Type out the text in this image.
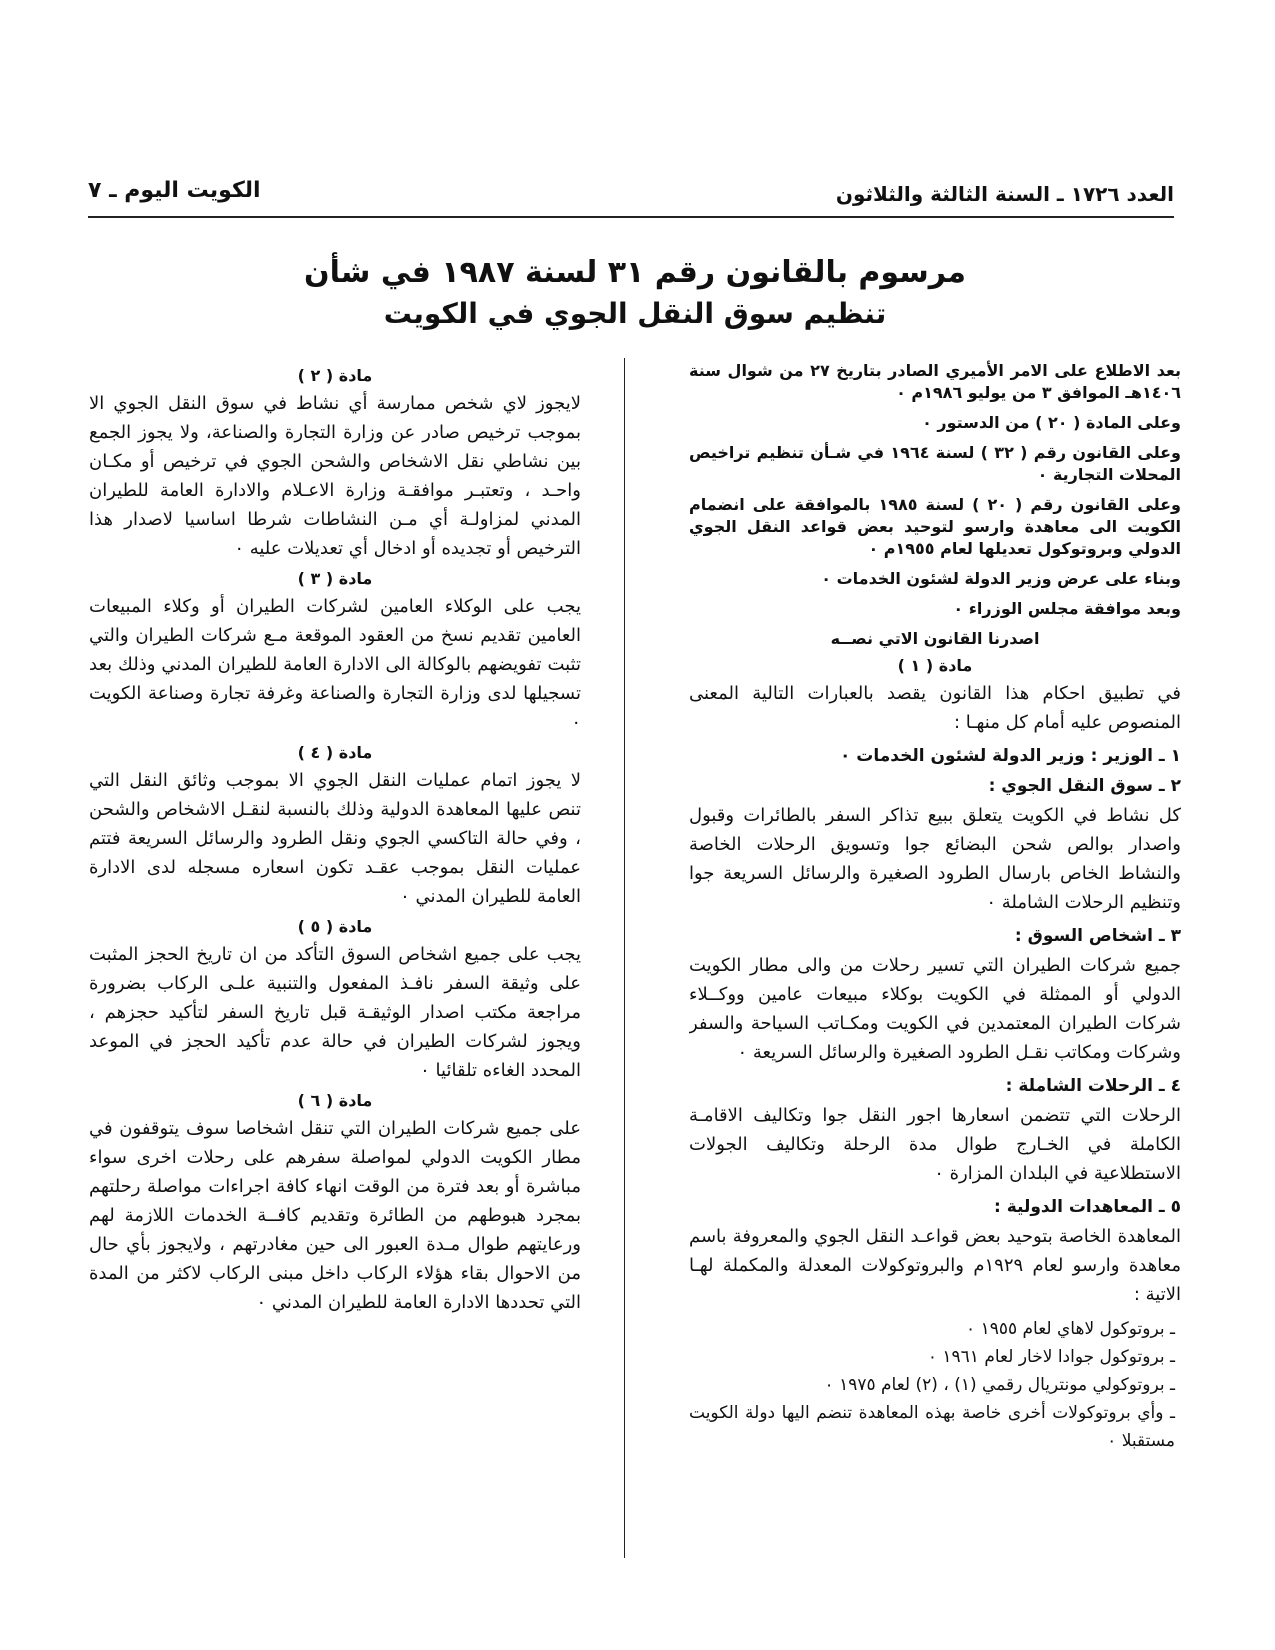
العدد ١٧٢٦ ـ السنة الثالثة والثلاثون
الكويت اليوم ـ ٧
مرسوم بالقانون رقم ٣١ لسنة ١٩٨٧ في شأن
تنظيم سوق النقل الجوي في الكويت

بعد الاطلاع على الامر الأميري الصادر بتاريخ ٢٧ من شوال سنة ١٤٠٦هـ الموافق ٣ من يوليو ١٩٨٦م ٠

وعلى المادة ( ٢٠ ) من الدستور ٠

وعلى القانون رقم ( ٣٢ ) لسنة ١٩٦٤ في شـأن تنظيم تراخيص المحلات التجارية ٠

وعلى القانون رقم ( ٢٠ ) لسنة ١٩٨٥ بالموافقة على انضمام الكويت الى معاهدة وارسو لتوحيد بعض قواعد النقل الجوي الدولي وبروتوكول تعديلها لعام ١٩٥٥م ٠

وبناء على عرض وزير الدولة لشئون الخدمات ٠

وبعد موافقة مجلس الوزراء ٠

اصدرنا القانون الاتي نصــه

مادة ( ١ )

في تطبيق احكام هذا القانون يقصد بالعبارات التالية المعنى المنصوص عليه أمام كل منهـا :

١ ـ الوزير : وزير الدولة لشئون الخدمات ٠

٢ ـ سوق النقل الجوي :

كل نشاط في الكويت يتعلق ببيع تذاكر السفر بالطائرات وقبول واصدار بوالص شحن البضائع جوا وتسويق الرحلات الخاصة والنشاط الخاص بارسال الطرود الصغيرة والرسائل السريعة جوا وتنظيم الرحلات الشاملة ٠

٣ ـ اشخاص السوق :

جميع شركات الطيران التي تسير رحلات من والى مطار الكويت الدولي أو الممثلة في الكويت بوكلاء مبيعات عامين ووكــلاء شركات الطيران المعتمدين في الكويت ومكـاتب السياحة والسفر وشركات ومكاتب نقـل الطرود الصغيرة والرسائل السريعة ٠

٤ ـ الرحلات الشاملة :

الرحلات التي تتضمن اسعارها اجور النقل جوا وتكاليف الاقامـة الكاملة في الخـارج طوال مدة الرحلة وتكاليف الجولات الاستطلاعية في البلدان المزارة ٠

٥ ـ المعاهدات الدولية :

المعاهدة الخاصة بتوحيد بعض قواعـد النقل الجوي والمعروفة باسم معاهدة وارسو لعام ١٩٢٩م والبروتوكولات المعدلة والمكملة لهـا الاتية :

ـ بروتوكول لاهاي لعام ١٩٥٥ ٠

ـ بروتوكول جوادا لاخار لعام ١٩٦١ ٠

ـ بروتوكولي مونتريال رقمي (١) ، (٢) لعام ١٩٧٥ ٠

ـ وأي بروتوكولات أخرى خاصة بهذه المعاهدة تنضم اليها دولة الكويت مستقبلا ٠

مادة ( ٢ )

لايجوز لاي شخص ممارسة أي نشاط في سوق النقل الجوي الا بموجب ترخيص صادر عن وزارة التجارة والصناعة، ولا يجوز الجمع بين نشاطي نقل الاشخاص والشحن الجوي في ترخيص أو مكـان واحـد ، وتعتبـر موافقـة وزارة الاعـلام والادارة العامة للطيران المدني لمزاولـة أي مـن النشاطات شرطا اساسيا لاصدار هذا الترخيص أو تجديده أو ادخال أي تعديلات عليه ٠

مادة ( ٣ )

يجب على الوكلاء العامين لشركات الطيران أو وكلاء المبيعات العامين تقديم نسخ من العقود الموقعة مـع شركات الطيران والتي تثبت تفويضهم بالوكالة الى الادارة العامة للطيران المدني وذلك بعد تسجيلها لدى وزارة التجارة والصناعة وغرفة تجارة وصناعة الكويت ٠

مادة ( ٤ )

لا يجوز اتمام عمليات النقل الجوي الا بموجب وثائق النقل التي تنص عليها المعاهدة الدولية وذلك بالنسبة لنقـل الاشخاص والشحن ، وفي حالة التاكسي الجوي ونقل الطرود والرسائل السريعة فتتم عمليات النقل بموجب عقـد تكون اسعاره مسجله لدى الادارة العامة للطيران المدني ٠

مادة ( ٥ )

يجب على جميع اشخاص السوق التأكد من ان تاريخ الحجز المثبت على وثيقة السفر نافـذ المفعول والتنبية علـى الركاب بضرورة مراجعة مكتب اصدار الوثيقـة قبل تاريخ السفر لتأكيد حجزهم ، ويجوز لشركات الطيران في حالة عدم تأكيد الحجز في الموعد المحدد الغاءه تلقائيا ٠

مادة ( ٦ )

على جميع شركات الطيران التي تنقل اشخاصا سوف يتوقفون في مطار الكويت الدولي لمواصلة سفرهم على رحلات اخرى سواء مباشرة أو بعد فترة من الوقت انهاء كافة اجراءات مواصلة رحلتهم بمجرد هبوطهم من الطائرة وتقديم كافــة الخدمات اللازمة لهم ورعايتهم طوال مـدة العبور الى حين مغادرتهم ، ولايجوز بأي حال من الاحوال بقاء هؤلاء الركاب داخل مبنى الركاب لاكثر من المدة التي تحددها الادارة العامة للطيران المدني ٠
